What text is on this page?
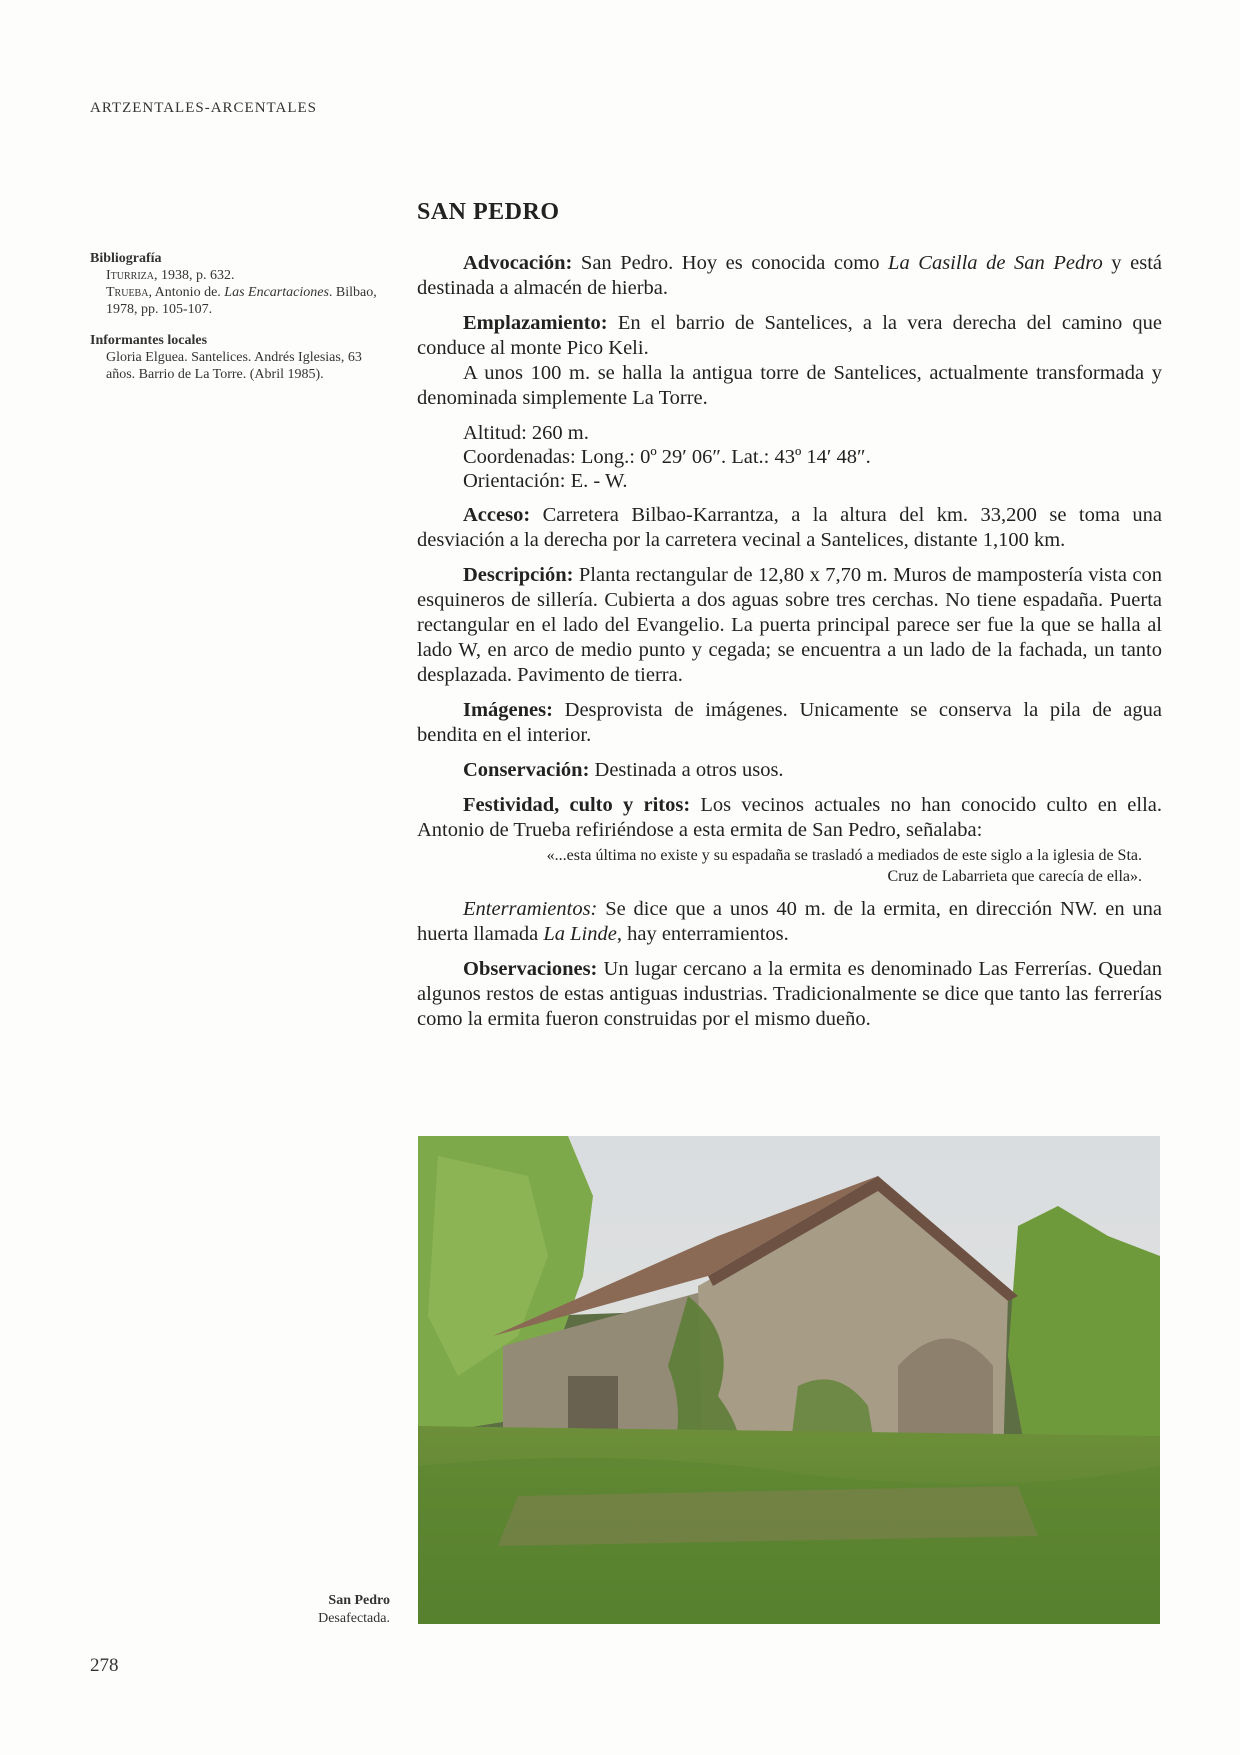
ARTZENTALES-ARCENTALES
Bibliografía
Iturriza, 1938, p. 632.
Trueba, Antonio de. Las Encartaciones. Bilbao, 1978, pp. 105-107.
Informantes locales
Gloria Elguea. Santelices. Andrés Iglesias, 63 años. Barrio de La Torre. (Abril 1985).
SAN PEDRO

Advocación: San Pedro. Hoy es conocida como La Casilla de San Pedro y está destinada a almacén de hierba.

Emplazamiento: En el barrio de Santelices, a la vera derecha del camino que conduce al monte Pico Keli.

A unos 100 m. se halla la antigua torre de Santelices, actualmente transformada y denominada simplemente La Torre.

Altitud: 260 m.
Coordenadas: Long.: 0º 29′ 06″. Lat.: 43º 14′ 48″.
Orientación: E. - W.

Acceso: Carretera Bilbao-Karrantza, a la altura del km. 33,200 se toma una desviación a la derecha por la carretera vecinal a Santelices, distante 1,100 km.

Descripción: Planta rectangular de 12,80 x 7,70 m. Muros de mampostería vista con esquineros de sillería. Cubierta a dos aguas sobre tres cerchas. No tiene espadaña. Puerta rectangular en el lado del Evangelio. La puerta principal parece ser fue la que se halla al lado W, en arco de medio punto y cegada; se encuentra a un lado de la fachada, un tanto desplazada. Pavimento de tierra.

Imágenes: Desprovista de imágenes. Unicamente se conserva la pila de agua bendita en el interior.

Conservación: Destinada a otros usos.

Festividad, culto y ritos: Los vecinos actuales no han conocido culto en ella. Antonio de Trueba refiriéndose a esta ermita de San Pedro, señalaba:

«...esta última no existe y su espadaña se trasladó a mediados de este siglo a la iglesia de Sta. Cruz de Labarrieta que carecía de ella».

Enterramientos: Se dice que a unos 40 m. de la ermita, en dirección NW. en una huerta llamada La Linde, hay enterramientos.

Observaciones: Un lugar cercano a la ermita es denominado Las Ferrerías. Quedan algunos restos de estas antiguas industrias. Tradicionalmente se dice que tanto las ferrerías como la ermita fueron construidas por el mismo dueño.

San Pedro
Desafectada.
278
